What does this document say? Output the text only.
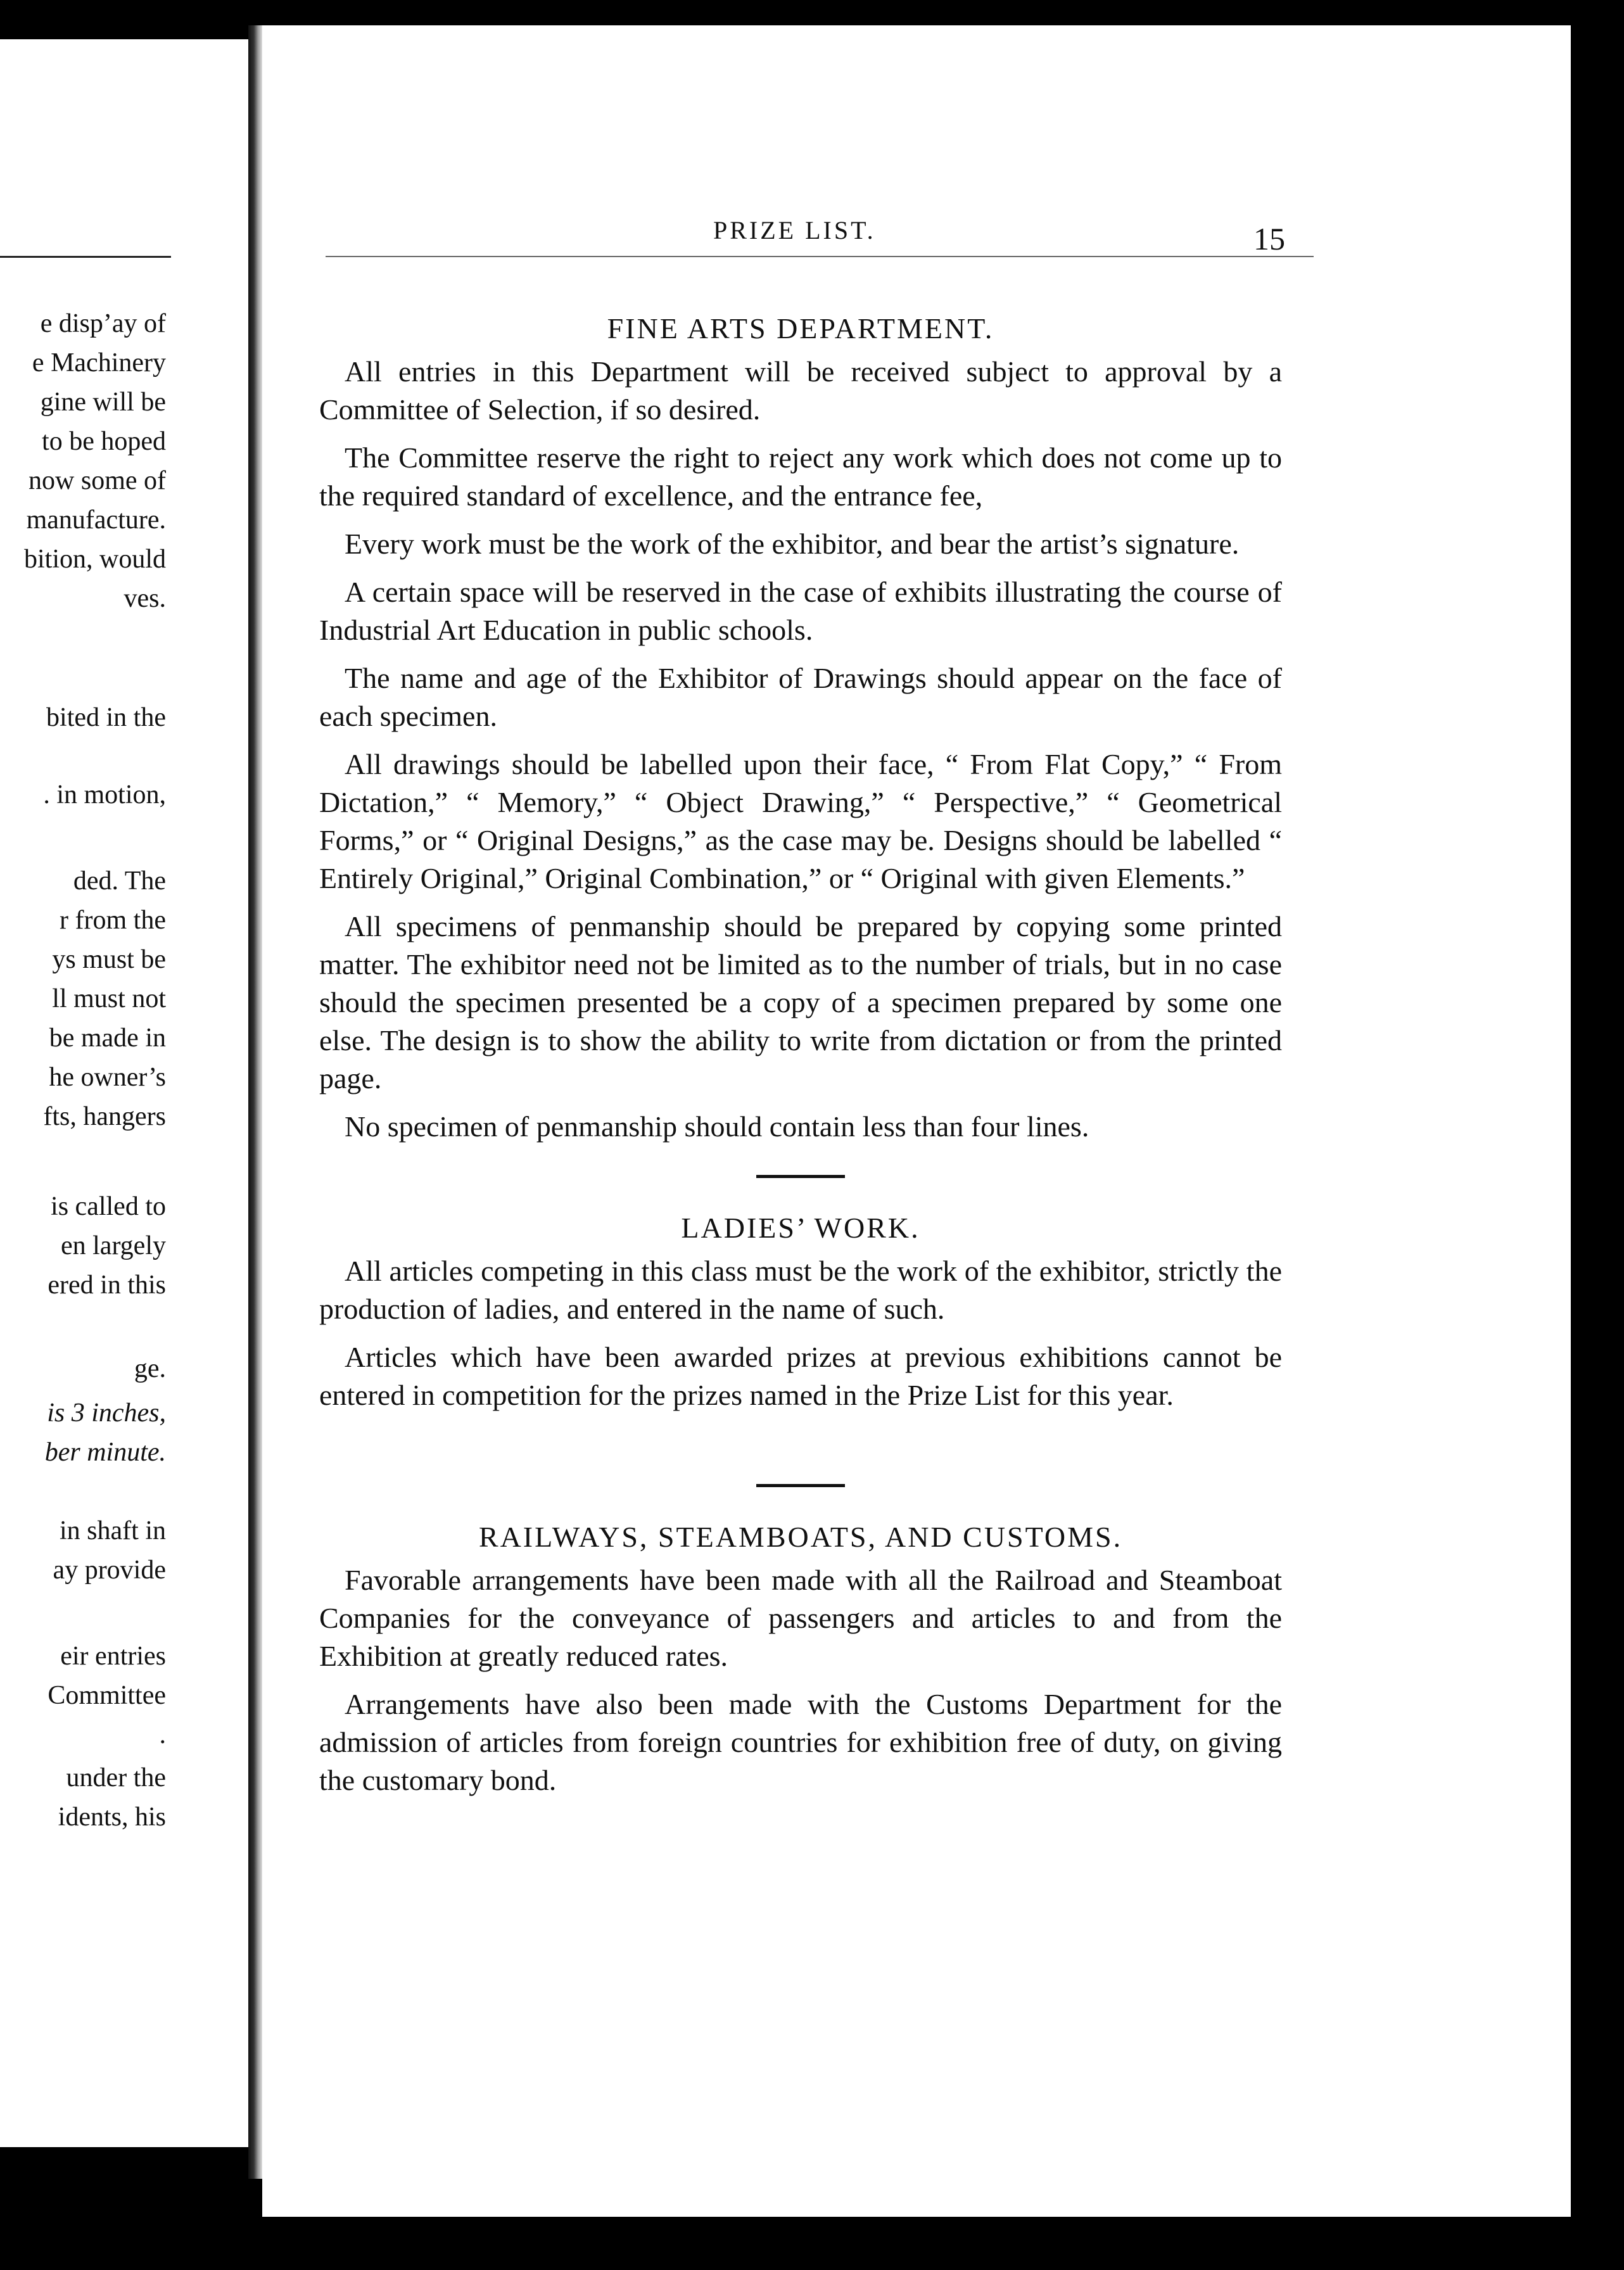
e disp’ay of
e Machinery
gine will be
to be hoped
now some of
manufacture.
bition, would
ves.
bited in the
. in motion,
ded. The
r from the
ys must be
ll must not
be made in
he owner’s
fts, hangers
is called to
en largely
ered in this
ge.
is 3 inches,
ber minute.
in shaft in
ay provide
eir entries
Committee
.
under the
idents, his
PRIZE LIST.	15
FINE ARTS DEPARTMENT.

All entries in this Department will be received subject to approval by a Committee of Selection, if so desired.

The Committee reserve the right to reject any work which does not come up to the required standard of excellence, and the entrance fee,

Every work must be the work of the exhibitor, and bear the artist’s signature.

A certain space will be reserved in the case of exhibits illustrating the course of Industrial Art Education in public schools.

The name and age of the Exhibitor of Drawings should appear on the face of each specimen.

All drawings should be labelled upon their face, “ From Flat Copy,” “ From Dictation,” “ Memory,” “ Object Drawing,” “ Perspective,” “ Geometrical Forms,” or “ Original Designs,” as the case may be. Designs should be labelled “ Entirely Original,” Original Combination,” or “ Original with given Elements.”

All specimens of penmanship should be prepared by copying some printed matter. The exhibitor need not be limited as to the number of trials, but in no case should the specimen presented be a copy of a specimen prepared by some one else. The design is to show the ability to write from dictation or from the printed page.

No specimen of penmanship should contain less than four lines.

LADIES’ WORK.

All articles competing in this class must be the work of the exhibitor, strictly the production of ladies, and entered in the name of such.

Articles which have been awarded prizes at previous exhibitions cannot be entered in competition for the prizes named in the Prize List for this year.

RAILWAYS, STEAMBOATS, AND CUSTOMS.

Favorable arrangements have been made with all the Railroad and Steamboat Companies for the conveyance of passengers and articles to and from the Exhibition at greatly reduced rates.

Arrangements have also been made with the Customs Department for the admission of articles from foreign countries for exhibition free of duty, on giving the customary bond.
